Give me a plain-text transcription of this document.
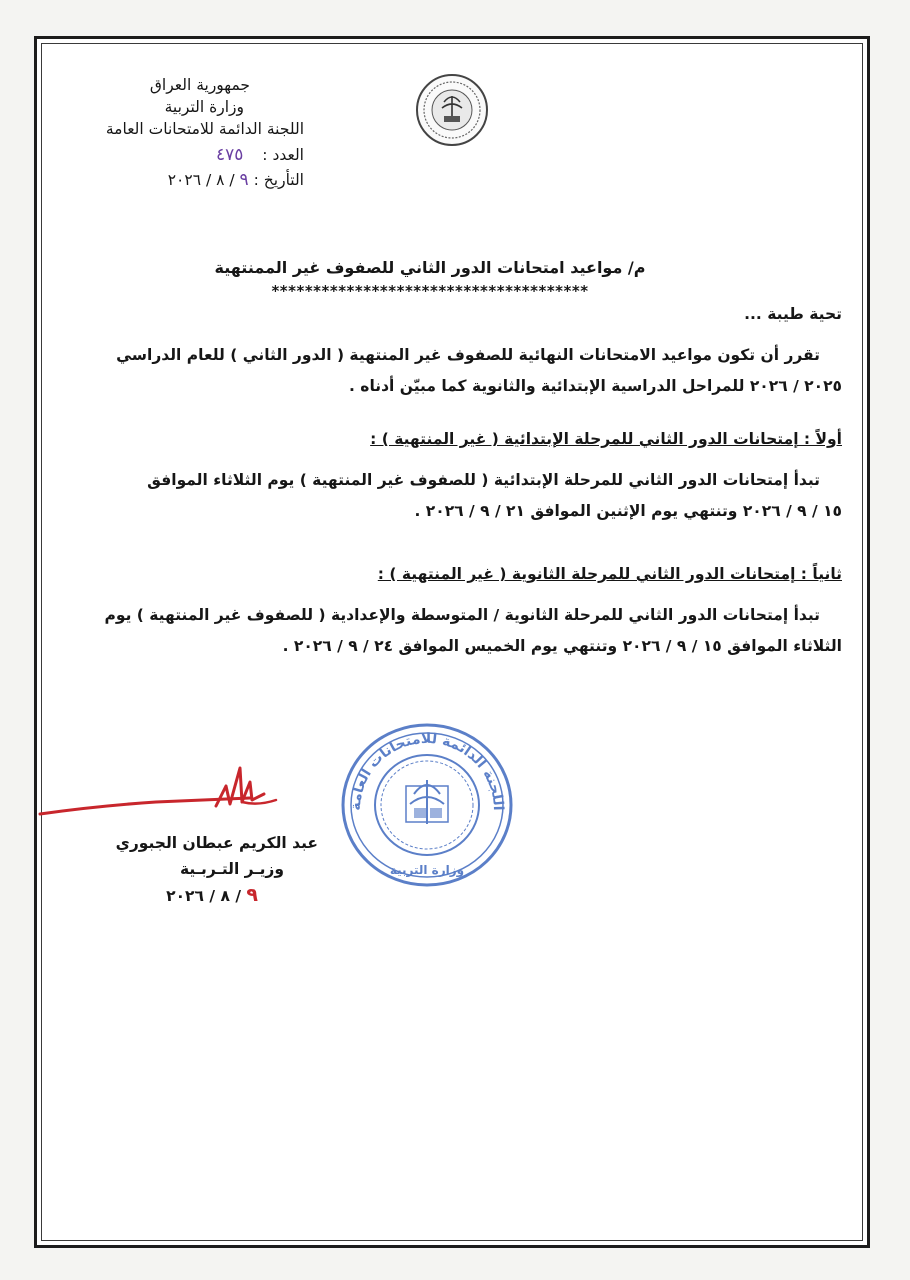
جمهورية العراق
وزارة التربية
اللجنة الدائمة للامتحانات العامة
العدد : ٤٧٥
التأريخ : ٩ / ٨ / ٢٠٢٦
م/ مواعيد امتحانات الدور الثاني للصفوف غير الممنتهية
**************************************
تحية طيبة ...
تقرر أن تكون مواعيد الامتحانات النهائية للصفوف غير المنتهية ( الدور الثاني ) للعام الدراسي
٢٠٢٥ / ٢٠٢٦ للمراحل الدراسية الإبتدائية والثانوية كما مبيّن أدناه .
أولاً : إمتحانات الدور الثاني للمرحلة الإبتدائية ( غير المنتهية ) :
تبدأ إمتحانات الدور الثاني للمرحلة الإبتدائية ( للصفوف غير المنتهية ) يوم الثلاثاء الموافق
١٥ / ٩ / ٢٠٢٦ وتنتهي يوم الإثنين الموافق ٢١ / ٩ / ٢٠٢٦ .
ثانياً : إمتحانات الدور الثاني للمرحلة الثانوية ( غير المنتهية ) :
تبدأ إمتحانات الدور الثاني للمرحلة الثانوية / المتوسطة والإعدادية ( للصفوف غير المنتهية ) يوم
الثلاثاء الموافق ١٥ / ٩ / ٢٠٢٦ وتنتهي يوم الخميس الموافق ٢٤ / ٩ / ٢٠٢٦ .
اللجنة الدائمة للامتحانات العامة
وزارة التربية
عبد الكريم عبطان الجبوري
وزيـر التـربـية
٩ / ٨ / ٢٠٢٦
